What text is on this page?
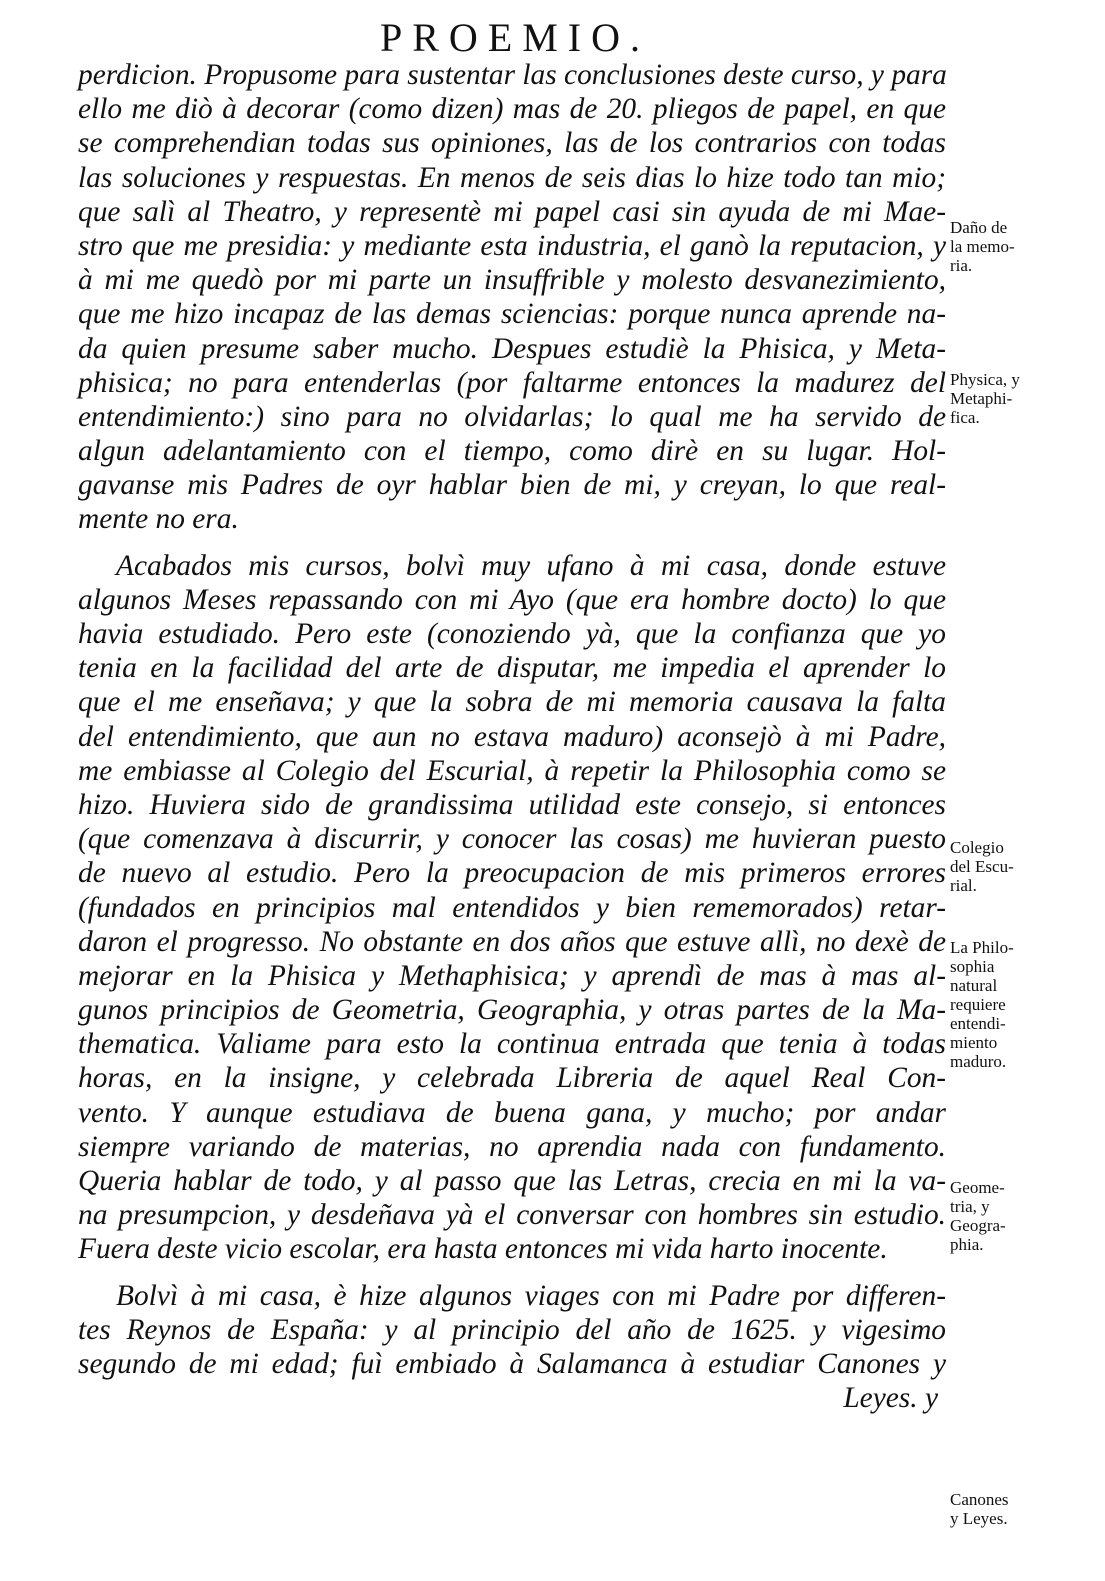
PROEMIO.
perdicion. Propusome para sustentar las conclusiones deste curso, y para
ello me diò à decorar (como dizen) mas de 20. pliegos de papel, en que
se comprehendian todas sus opiniones, las de los contrarios con todas
las soluciones y respuestas. En menos de seis dias lo hize todo tan mio;
que salì al Theatro, y representè mi papel casi sin ayuda de mi Mae-
stro que me presidia: y mediante esta industria, el ganò la reputacion, y
à mi me quedò por mi parte un insuffrible y molesto desvanezimiento,
que me hizo incapaz de las demas sciencias: porque nunca aprende na-
da quien presume saber mucho. Despues estudiè la Phisica, y Meta-
phisica; no para entenderlas (por faltarme entonces la madurez del
entendimiento:) sino para no olvidarlas; lo qual me ha servido de
algun adelantamiento con el tiempo, como dirè en su lugar. Hol-
gavanse mis Padres de oyr hablar bien de mi, y creyan, lo que real-
mente no era.
Acabados mis cursos, bolvì muy ufano à mi casa, donde estuve
algunos Meses repassando con mi Ayo (que era hombre docto) lo que
havia estudiado. Pero este (conoziendo yà, que la confianza que yo
tenia en la facilidad del arte de disputar, me impedia el aprender lo
que el me enseñava; y que la sobra de mi memoria causava la falta
del entendimiento, que aun no estava maduro) aconsejò à mi Padre,
me embiasse al Colegio del Escurial, à repetir la Philosophia como se
hizo. Huviera sido de grandissima utilidad este consejo, si entonces
(que comenzava à discurrir, y conocer las cosas) me huvieran puesto
de nuevo al estudio. Pero la preocupacion de mis primeros errores
(fundados en principios mal entendidos y bien rememorados) retar-
daron el progresso. No obstante en dos años que estuve allì, no dexè de
mejorar en la Phisica y Methaphisica; y aprendì de mas à mas al-
gunos principios de Geometria, Geographia, y otras partes de la Ma-
thematica. Valiame para esto la continua entrada que tenia à todas
horas, en la insigne, y celebrada Libreria de aquel Real Con-
vento. Y aunque estudiava de buena gana, y mucho; por andar
siempre variando de materias, no aprendia nada con fundamento.
Queria hablar de todo, y al passo que las Letras, crecia en mi la va-
na presumpcion, y desdeñava yà el conversar con hombres sin estudio.
Fuera deste vicio escolar, era hasta entonces mi vida harto inocente.
Bolvì à mi casa, è hize algunos viages con mi Padre por differen-
tes Reynos de España: y al principio del año de 1625. y vigesimo
segundo de mi edad; fuì embiado à Salamanca à estudiar Canones y
Leyes. y
Daño de
la memo-
ria.
Physica, y
Metaphi-
fica.
Colegio
del Escu-
rial.
La Philo-
sophia
natural
requiere
entendi-
miento
maduro.
Geome-
tria, y
Geogra-
phia.
Canones
y Leyes.
